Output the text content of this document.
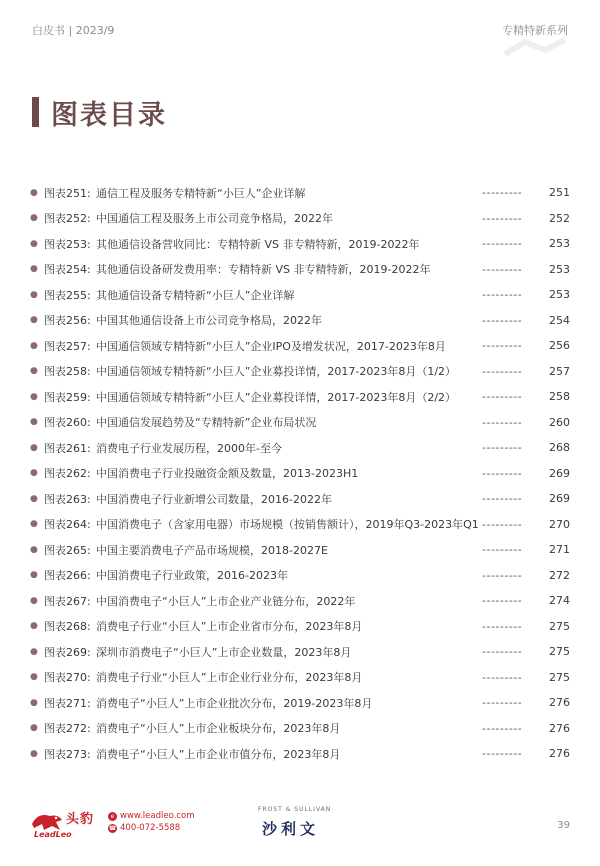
白皮书 | 2023/9	专精特新系列
图表目录
● 图表251: 通信工程及服务专精特新“小巨人”企业详解	---------	251
● 图表252: 中国通信工程及服务上市公司竞争格局，2022年	---------	252
● 图表253: 其他通信设备营收同比：专精特新 VS 非专精特新，2019-2022年	---------	253
● 图表254: 其他通信设备研发费用率：专精特新 VS 非专精特新，2019-2022年	---------	253
● 图表255: 其他通信设备专精特新“小巨人”企业详解	---------	253
● 图表256: 中国其他通信设备上市公司竞争格局，2022年	---------	254
● 图表257: 中国通信领域专精特新“小巨人”企业IPO及增发状况，2017-2023年8月	---------	256
● 图表258: 中国通信领域专精特新“小巨人”企业募投详情，2017-2023年8月（1/2）	---------	257
● 图表259: 中国通信领域专精特新“小巨人”企业募投详情，2017-2023年8月（2/2）	---------	258
● 图表260: 中国通信发展趋势及“专精特新”企业布局状况	---------	260
● 图表261: 消费电子行业发展历程，2000年-至今	---------	268
● 图表262: 中国消费电子行业投融资金额及数量，2013-2023H1	---------	269
● 图表263: 中国消费电子行业新增公司数量，2016-2022年	---------	269
● 图表264: 中国消费电子（含家用电器）市场规模（按销售额计），2019年Q3-2023年Q1 ---------	270
● 图表265: 中国主要消费电子产品市场规模，2018-2027E	---------	271
● 图表266: 中国消费电子行业政策，2016-2023年	---------	272
● 图表267: 中国消费电子“小巨人”上市企业产业链分布，2022年	---------	274
● 图表268: 消费电子行业“小巨人”上市企业省市分布，2023年8月	---------	275
● 图表269: 深圳市消费电子“小巨人”上市企业数量，2023年8月	---------	275
● 图表270: 消费电子行业“小巨人”上市企业行业分布，2023年8月	---------	275
● 图表271: 消费电子“小巨人”上市企业批次分布，2019-2023年8月	---------	276
● 图表272: 消费电子“小巨人”上市企业板块分布，2023年8月	---------	276
● 图表273: 消费电子“小巨人”上市企业市值分布，2023年8月	---------	276
头豹
LeadLeo
e www.leadleo.com
☎ 400-072-5588
FROST & SULLIVAN
沙利文	39
